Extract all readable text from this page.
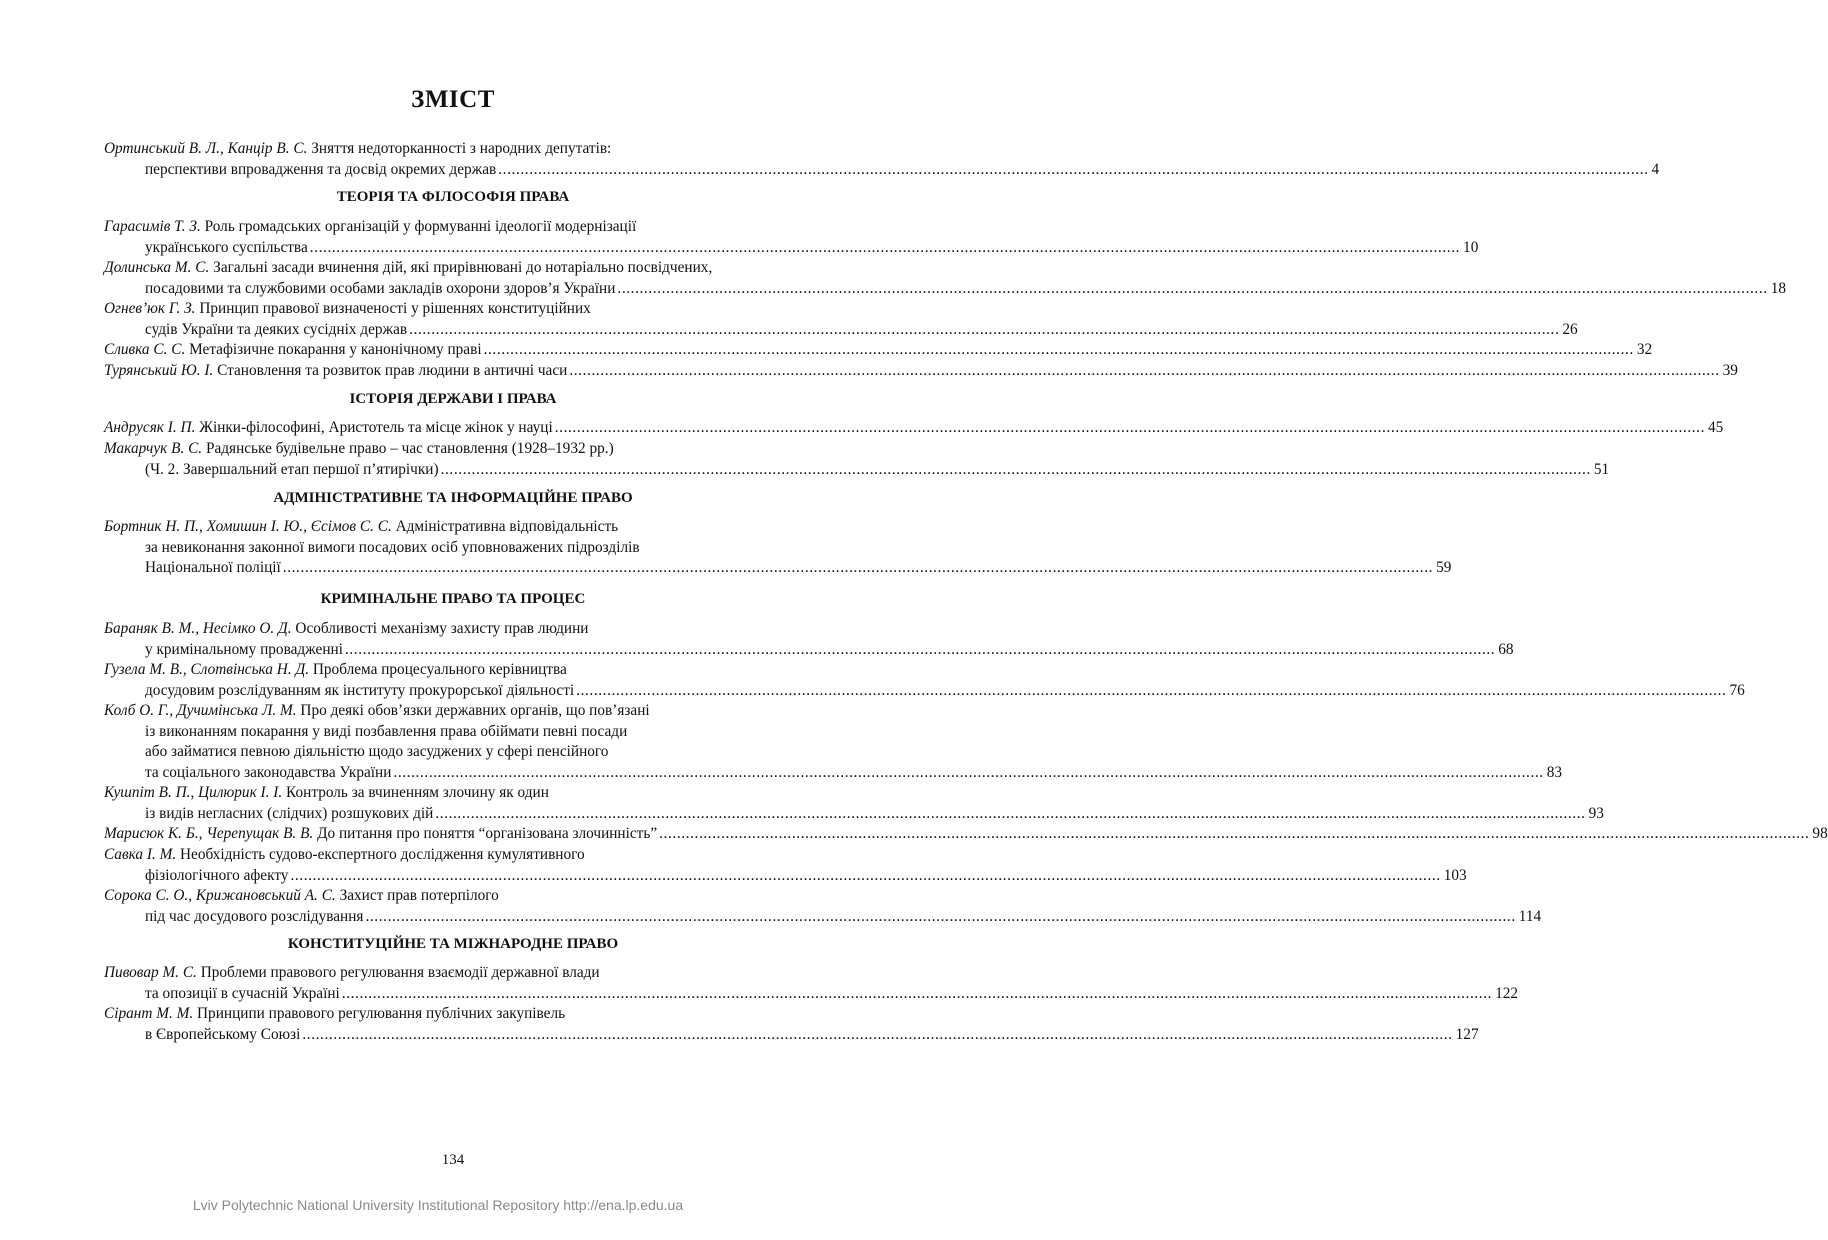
ЗМІСТ
ТЕОРІЯ ТА ФІЛОСОФІЯ ПРАВА
ІСТОРІЯ ДЕРЖАВИ І ПРАВА
АДМІНІСТРАТИВНЕ ТА ІНФОРМАЦІЙНЕ ПРАВО
КРИМІНАЛЬНЕ ПРАВО ТА ПРОЦЕС
КОНСТИТУЦІЙНЕ ТА МІЖНАРОДНЕ ПРАВО
Ортинський В. Л., Канцір В. С. Зняття недоторканності з народних депутатів:
перспективи впровадження та досвід окремих держав .................................................................................................................................................................................................................................................................... 4
Гарасимів Т. З. Роль громадських організацій у формуванні ідеології модернізації
українського суспільства .................................................................................................................................................................................................................................................................... 10
Долинська М. С. Загальні засади вчинення дій, які прирівнювані до нотаріально посвідчених,
посадовими та службовими особами закладів охорони здоров’я України .................................................................................................................................................................................................................................................................... 18
Огнев’юк Г. З. Принцип правової визначеності у рішеннях конституційних
судів України та деяких сусідніх держав .................................................................................................................................................................................................................................................................... 26
Сливка С. С. Метафізичне покарання у канонічному праві .................................................................................................................................................................................................................................................................... 32
Турянський Ю. І. Становлення та розвиток прав людини в античні часи .................................................................................................................................................................................................................................................................... 39
Андрусяк І. П. Жінки-філософині, Аристотель та місце жінок у науці .................................................................................................................................................................................................................................................................... 45
Макарчук В. С. Радянське будівельне право – час становлення (1928–1932 рр.)
(Ч. 2. Завершальний етап першої п’ятирічки) .................................................................................................................................................................................................................................................................... 51
Бортник Н. П., Хомишин І. Ю., Єсімов С. С. Адміністративна відповідальність
за невиконання законної вимоги посадових осіб уповноважених підрозділів
Національної поліції .................................................................................................................................................................................................................................................................... 59
Бараняк В. М., Несімко О. Д. Особливості механізму захисту прав людини
у кримінальному провадженні .................................................................................................................................................................................................................................................................... 68
Гузела М. В., Слотвінська Н. Д. Проблема процесуального керівництва
досудовим розслідуванням як інституту прокурорської діяльності .................................................................................................................................................................................................................................................................... 76
Колб О. Г., Дучимінська Л. М. Про деякі обов’язки державних органів, що пов’язані
із виконанням покарання у виді позбавлення права обіймати певні посади
або займатися певною діяльністю щодо засуджених у сфері пенсійного
та соціального законодавства України .................................................................................................................................................................................................................................................................... 83
Кушпіт В. П., Цилюрик І. І. Контроль за вчиненням злочину як один
із видів негласних (слідчих) розшукових дій .................................................................................................................................................................................................................................................................... 93
Марисюк К. Б., Черепущак В. В. До питання про поняття “організована злочинність” .................................................................................................................................................................................................................................................................... 98
Савка І. М. Необхідність судово-експертного дослідження кумулятивного
фізіологічного афекту .................................................................................................................................................................................................................................................................... 103
Сорока С. О., Крижановський А. С. Захист прав потерпілого
під час досудового розслідування .................................................................................................................................................................................................................................................................... 114
Пивовар М. С. Проблеми правового регулювання взаємодії державної влади
та опозиції в сучасній Україні .................................................................................................................................................................................................................................................................... 122
Сірант М. М. Принципи правового регулювання публічних закупівель
в Європейському Союзі .................................................................................................................................................................................................................................................................... 127
134
Lviv Polytechnic National University Institutional Repository http://ena.lp.edu.ua
